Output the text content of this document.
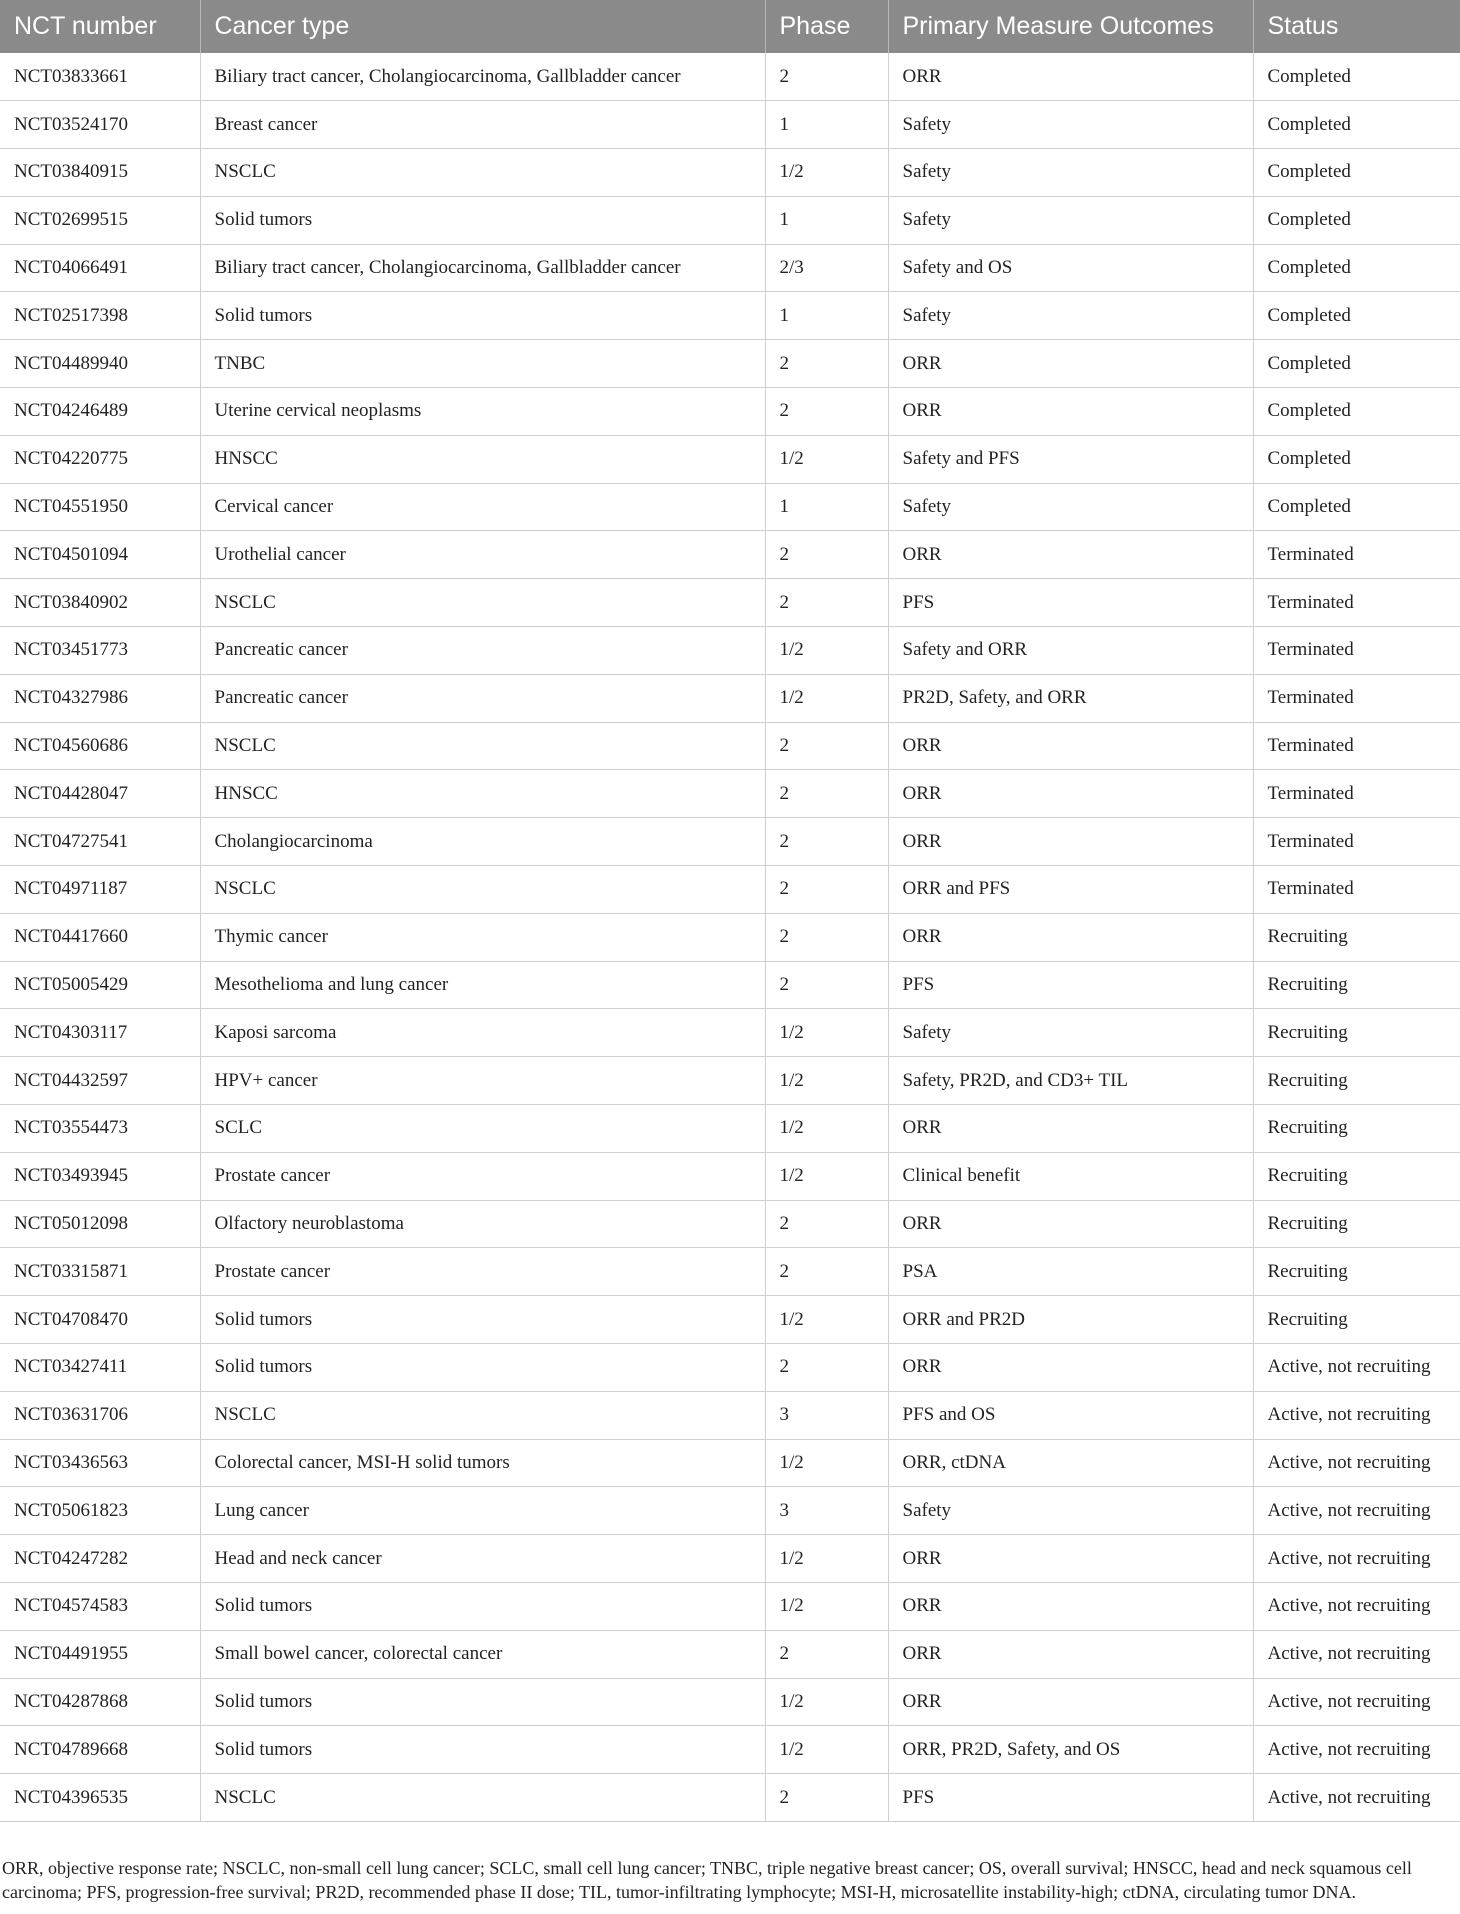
NCT number	Cancer type	Phase	Primary Measure Outcomes	Status
NCT03833661	Biliary tract cancer, Cholangiocarcinoma, Gallbladder cancer	2	ORR	Completed
NCT03524170	Breast cancer	1	Safety	Completed
NCT03840915	NSCLC	1/2	Safety	Completed
NCT02699515	Solid tumors	1	Safety	Completed
NCT04066491	Biliary tract cancer, Cholangiocarcinoma, Gallbladder cancer	2/3	Safety and OS	Completed
NCT02517398	Solid tumors	1	Safety	Completed
NCT04489940	TNBC	2	ORR	Completed
NCT04246489	Uterine cervical neoplasms	2	ORR	Completed
NCT04220775	HNSCC	1/2	Safety and PFS	Completed
NCT04551950	Cervical cancer	1	Safety	Completed
NCT04501094	Urothelial cancer	2	ORR	Terminated
NCT03840902	NSCLC	2	PFS	Terminated
NCT03451773	Pancreatic cancer	1/2	Safety and ORR	Terminated
NCT04327986	Pancreatic cancer	1/2	PR2D, Safety, and ORR	Terminated
NCT04560686	NSCLC	2	ORR	Terminated
NCT04428047	HNSCC	2	ORR	Terminated
NCT04727541	Cholangiocarcinoma	2	ORR	Terminated
NCT04971187	NSCLC	2	ORR and PFS	Terminated
NCT04417660	Thymic cancer	2	ORR	Recruiting
NCT05005429	Mesothelioma and lung cancer	2	PFS	Recruiting
NCT04303117	Kaposi sarcoma	1/2	Safety	Recruiting
NCT04432597	HPV+ cancer	1/2	Safety, PR2D, and CD3+ TIL	Recruiting
NCT03554473	SCLC	1/2	ORR	Recruiting
NCT03493945	Prostate cancer	1/2	Clinical benefit	Recruiting
NCT05012098	Olfactory neuroblastoma	2	ORR	Recruiting
NCT03315871	Prostate cancer	2	PSA	Recruiting
NCT04708470	Solid tumors	1/2	ORR and PR2D	Recruiting
NCT03427411	Solid tumors	2	ORR	Active, not recruiting
NCT03631706	NSCLC	3	PFS and OS	Active, not recruiting
NCT03436563	Colorectal cancer, MSI-H solid tumors	1/2	ORR, ctDNA	Active, not recruiting
NCT05061823	Lung cancer	3	Safety	Active, not recruiting
NCT04247282	Head and neck cancer	1/2	ORR	Active, not recruiting
NCT04574583	Solid tumors	1/2	ORR	Active, not recruiting
NCT04491955	Small bowel cancer, colorectal cancer	2	ORR	Active, not recruiting
NCT04287868	Solid tumors	1/2	ORR	Active, not recruiting
NCT04789668	Solid tumors	1/2	ORR, PR2D, Safety, and OS	Active, not recruiting
NCT04396535	NSCLC	2	PFS	Active, not recruiting

ORR, objective response rate; NSCLC, non-small cell lung cancer; SCLC, small cell lung cancer; TNBC, triple negative breast cancer; OS, overall survival; HNSCC, head and neck squamous cell carcinoma; PFS, progression-free survival; PR2D, recommended phase II dose; TIL, tumor-infiltrating lymphocyte; MSI-H, microsatellite instability-high; ctDNA, circulating tumor DNA.
